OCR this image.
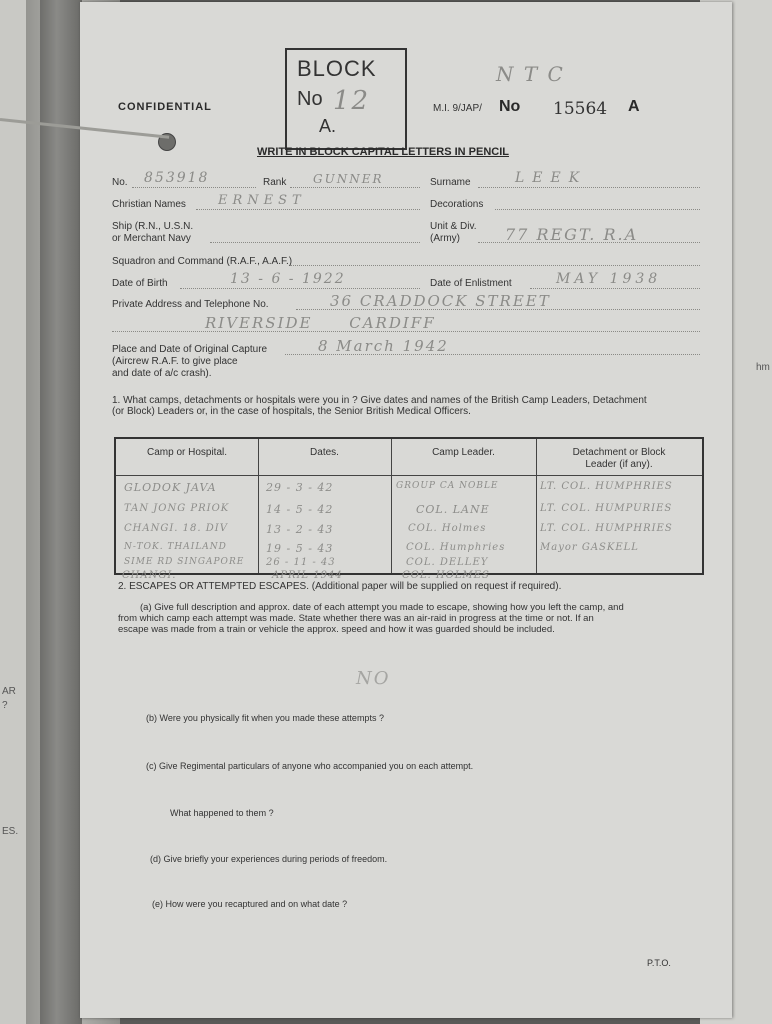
AR
?
ES.
hm
CONFIDENTIAL
BLOCK
No 12
A.
N T C
M.I. 9/JAP/ No 15564 A
WRITE IN BLOCK CAPITAL LETTERS IN PENCIL
No. 853918	Rank GUNNER	Surname	LEEK
Christian Names ERNEST	Decorations
Ship (R.N., U.S.N.
or Merchant Navy
Unit & Div.
(Army)	77 REGT. R.A
Squadron and Command (R.A.F., A.A.F.)
Date of Birth	13 - 6 - 1922	Date of Enlistment	MAY 1938
Private Address and Telephone No.	36 CRADDOCK STREET
RIVERSIDE CARDIFF
Place and Date of Original Capture
(Aircrew R.A.F. to give place
and date of a/c crash).
8 March 1942
1. What camps, detachments or hospitals were you in ? Give dates and names of the British Camp Leaders, Detachment
(or Block) Leaders or, in the case of hospitals, the Senior British Medical Officers.
Camp or Hospital.	Dates.	Camp Leader.	Detachment or Block
Leader (if any).
GLODOK JAVA	29 - 3 - 42	GROUP CA NOBLE	LT. COL. HUMPHRIES
TAN JONG PRIOK	14 - 5 - 42	COL. LANE	LT. COL. HUMPURIES
CHANGI. 18. DIV	13 - 2 - 43	COL. Holmes	LT. COL. HUMPHRIES
N-TOK. THAILAND	19 - 5 - 43	COL. Humphries	Mayor GASKELL
SIME RD SINGAPORE 26 - 11 - 43	COL. DELLEY
CHANGI.	APRIL 1944	COL. HOLMES
2. ESCAPES OR ATTEMPTED ESCAPES. (Additional paper will be supplied on request if required).
(a) Give full description and approx. date of each attempt you made to escape, showing how you left the camp, and
from which camp each attempt was made. State whether there was an air-raid in progress at the time or not. If an
escape was made from a train or vehicle the approx. speed and how it was guarded should be included.
NO
(b) Were you physically fit when you made these attempts ?
(c) Give Regimental particulars of anyone who accompanied you on each attempt.
What happened to them ?
(d) Give briefly your experiences during periods of freedom.
(e) How were you recaptured and on what date ?
P.T.O.
